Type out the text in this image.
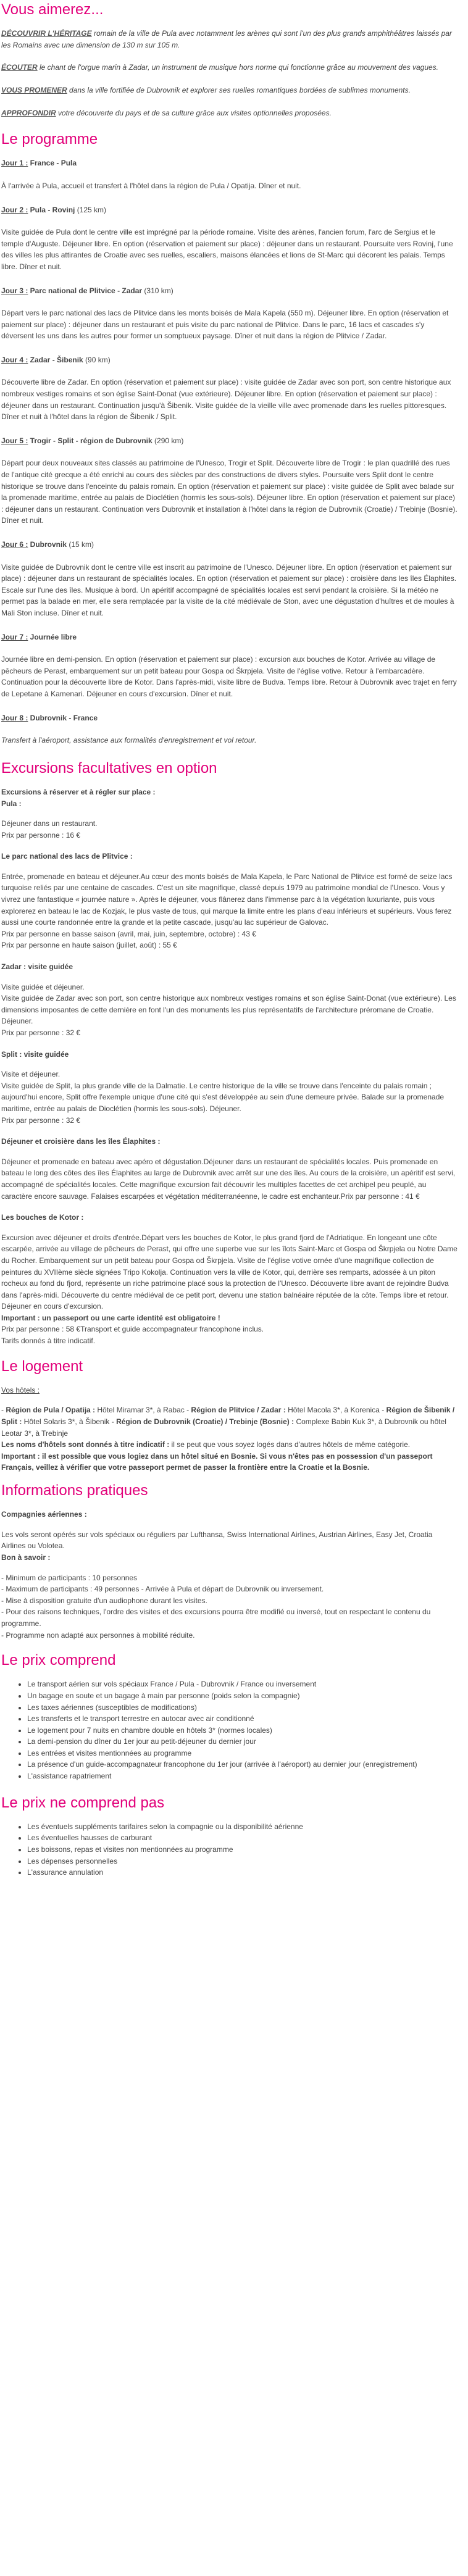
Vous aimerez...

DÉCOUVRIR L'HÉRITAGE romain de la ville de Pula avec notamment les arènes qui sont l'un des plus grands amphithéâtres laissés par les Romains avec une dimension de 130 m sur 105 m.

ÉCOUTER le chant de l'orgue marin à Zadar, un instrument de musique hors norme qui fonctionne grâce au mouvement des vagues.

VOUS PROMENER dans la ville fortifiée de Dubrovnik et explorer ses ruelles romantiques bordées de sublimes monuments.

APPROFONDIR votre découverte du pays et de sa culture grâce aux visites optionnelles proposées.

Le programme

Jour 1 : France - Pula

À l'arrivée à Pula, accueil et transfert à l'hôtel dans la région de Pula / Opatija. Dîner et nuit.

Jour 2 : Pula - Rovinj (125 km)

Visite guidée de Pula dont le centre ville est imprégné par la période romaine. Visite des arènes, l'ancien forum, l'arc de Sergius et le temple d'Auguste. Déjeuner libre. En option (réservation et paiement sur place) : déjeuner dans un restaurant. Poursuite vers Rovinj, l'une des villes les plus attirantes de Croatie avec ses ruelles, escaliers, maisons élancées et lions de St-Marc qui décorent les palais. Temps libre. Dîner et nuit.

Jour 3 : Parc national de Plitvice - Zadar (310 km)

Départ vers le parc national des lacs de Plitvice dans les monts boisés de Mala Kapela (550 m). Déjeuner libre. En option (réservation et paiement sur place) : déjeuner dans un restaurant et puis visite du parc national de Plitvice. Dans le parc, 16 lacs et cascades s'y déversent les uns dans les autres pour former un somptueux paysage. Dîner et nuit dans la région de Plitvice / Zadar.

Jour 4 : Zadar - Šibenik (90 km)

Découverte libre de Zadar. En option (réservation et paiement sur place) : visite guidée de Zadar avec son port, son centre historique aux nombreux vestiges romains et son église Saint-Donat (vue extérieure). Déjeuner libre. En option (réservation et paiement sur place) : déjeuner dans un restaurant. Continuation jusqu'à Šibenik. Visite guidée de la vieille ville avec promenade dans les ruelles pittoresques. Dîner et nuit à l'hôtel dans la région de Šibenik / Split.

Jour 5 : Trogir - Split - région de Dubrovnik (290 km)

Départ pour deux nouveaux sites classés au patrimoine de l'Unesco, Trogir et Split. Découverte libre de Trogir : le plan quadrillé des rues de l'antique cité grecque a été enrichi au cours des siècles par des constructions de divers styles. Poursuite vers Split dont le centre historique se trouve dans l'enceinte du palais romain. En option (réservation et paiement sur place) : visite guidée de Split avec balade sur la promenade maritime, entrée au palais de Dioclétien (hormis les sous-sols). Déjeuner libre. En option (réservation et paiement sur place) : déjeuner dans un restaurant. Continuation vers Dubrovnik et installation à l'hôtel dans la région de Dubrovnik (Croatie) / Trebinje (Bosnie). Dîner et nuit.

Jour 6 : Dubrovnik (15 km)

Visite guidée de Dubrovnik dont le centre ville est inscrit au patrimoine de l'Unesco. Déjeuner libre. En option (réservation et paiement sur place) : déjeuner dans un restaurant de spécialités locales. En option (réservation et paiement sur place) : croisière dans les îles Élaphites. Escale sur l'une des îles. Musique à bord. Un apéritif accompagné de spécialités locales est servi pendant la croisière. Si la météo ne permet pas la balade en mer, elle sera remplacée par la visite de la cité médiévale de Ston, avec une dégustation d'huîtres et de moules à Mali Ston incluse. Dîner et nuit.

Jour 7 : Journée libre

Journée libre en demi-pension. En option (réservation et paiement sur place) : excursion aux bouches de Kotor. Arrivée au village de pêcheurs de Perast, embarquement sur un petit bateau pour Gospa od Škrpjela. Visite de l'église votive. Retour à l'embarcadère. Continuation pour la découverte libre de Kotor. Dans l'après-midi, visite libre de Budva. Temps libre. Retour à Dubrovnik avec trajet en ferry de Lepetane à Kamenari. Déjeuner en cours d'excursion. Dîner et nuit.

Jour 8 : Dubrovnik - France

Transfert à l'aéroport, assistance aux formalités d'enregistrement et vol retour.

Excursions facultatives en option

Excursions à réserver et à régler sur place :

Pula :

Déjeuner dans un restaurant.

Prix par personne : 16 €

Le parc national des lacs de Plitvice :

Entrée, promenade en bateau et déjeuner.Au cœur des monts boisés de Mala Kapela, le Parc National de Plitvice est formé de seize lacs turquoise reliés par une centaine de cascades. C'est un site magnifique, classé depuis 1979 au patrimoine mondial de l'Unesco. Vous y vivrez une fantastique « journée nature ». Après le déjeuner, vous flânerez dans l'immense parc à la végétation luxuriante, puis vous explorerez en bateau le lac de Kozjak, le plus vaste de tous, qui marque la limite entre les plans d'eau inférieurs et supérieurs. Vous ferez aussi une courte randonnée entre la grande et la petite cascade, jusqu'au lac supérieur de Galovac.

Prix par personne en basse saison (avril, mai, juin, septembre, octobre) : 43 €

Prix par personne en haute saison (juillet, août) : 55 €

Zadar : visite guidée

Visite guidée et déjeuner.

Visite guidée de Zadar avec son port, son centre historique aux nombreux vestiges romains et son église Saint-Donat (vue extérieure). Les dimensions imposantes de cette dernière en font l'un des monuments les plus représentatifs de l'architecture préromane de Croatie. Déjeuner.

Prix par personne : 32 €

Split : visite guidée

Visite et déjeuner.

Visite guidée de Split, la plus grande ville de la Dalmatie. Le centre historique de la ville se trouve dans l'enceinte du palais romain ; aujourd'hui encore, Split offre l'exemple unique d'une cité qui s'est développée au sein d'une demeure privée. Balade sur la promenade maritime, entrée au palais de Dioclétien (hormis les sous-sols). Déjeuner.

Prix par personne : 32 €

Déjeuner et croisière dans les îles Élaphites :

Déjeuner et promenade en bateau avec apéro et dégustation.Déjeuner dans un restaurant de spécialités locales. Puis promenade en bateau le long des côtes des îles Élaphites au large de Dubrovnik avec arrêt sur une des îles. Au cours de la croisière, un apéritif est servi, accompagné de spécialités locales. Cette magnifique excursion fait découvrir les multiples facettes de cet archipel peu peuplé, au caractère encore sauvage. Falaises escarpées et végétation méditerranéenne, le cadre est enchanteur.Prix par personne : 41 €

Les bouches de Kotor :

Excursion avec déjeuner et droits d'entrée.Départ vers les bouches de Kotor, le plus grand fjord de l'Adriatique. En longeant une côte escarpée, arrivée au village de pêcheurs de Perast, qui offre une superbe vue sur les îlots Saint-Marc et Gospa od Škrpjela ou Notre Dame du Rocher. Embarquement sur un petit bateau pour Gospa od Škrpjela. Visite de l'église votive ornée d'une magnifique collection de peintures du XVIIème siècle signées Tripo Kokolja. Continuation vers la ville de Kotor, qui, derrière ses remparts, adossée à un piton rocheux au fond du fjord, représente un riche patrimoine placé sous la protection de l'Unesco. Découverte libre avant de rejoindre Budva dans l'après-midi. Découverte du centre médiéval de ce petit port, devenu une station balnéaire réputée de la côte. Temps libre et retour. Déjeuner en cours d'excursion.

Important : un passeport ou une carte identité est obligatoire !

Prix par personne : 58 €Transport et guide accompagnateur francophone inclus.

Tarifs donnés à titre indicatif.

Le logement

Vos hôtels :

- Région de Pula / Opatija : Hôtel Miramar 3*, à Rabac - Région de Plitvice / Zadar : Hôtel Macola 3*, à Korenica - Région de Šibenik / Split : Hôtel Solaris 3*, à Šibenik - Région de Dubrovnik (Croatie) / Trebinje (Bosnie) : Complexe Babin Kuk 3*, à Dubrovnik ou hôtel Leotar 3*, à Trebinje

Les noms d'hôtels sont donnés à titre indicatif : il se peut que vous soyez logés dans d'autres hôtels de même catégorie.

Important : il est possible que vous logiez dans un hôtel situé en Bosnie. Si vous n'êtes pas en possession d'un passeport Français, veillez à vérifier que votre passeport permet de passer la frontière entre la Croatie et la Bosnie.

Informations pratiques

Compagnies aériennes :

Les vols seront opérés sur vols spéciaux ou réguliers par Lufthansa, Swiss International Airlines, Austrian Airlines, Easy Jet, Croatia Airlines ou Volotea.

Bon à savoir :

- Minimum de participants : 10 personnes

- Maximum de participants : 49 personnes - Arrivée à Pula et départ de Dubrovnik ou inversement.

- Mise à disposition gratuite d'un audiophone durant les visites.

- Pour des raisons techniques, l'ordre des visites et des excursions pourra être modifié ou inversé, tout en respectant le contenu du programme.

- Programme non adapté aux personnes à mobilité réduite.

Le prix comprend
• Le transport aérien sur vols spéciaux France / Pula - Dubrovnik / France ou inversement
• Un bagage en soute et un bagage à main par personne (poids selon la compagnie)
• Les taxes aériennes (susceptibles de modifications)
• Les transferts et le transport terrestre en autocar avec air conditionné
• Le logement pour 7 nuits en chambre double en hôtels 3* (normes locales)
• La demi-pension du dîner du 1er jour au petit-déjeuner du dernier jour
• Les entrées et visites mentionnées au programme
• La présence d'un guide-accompagnateur francophone du 1er jour (arrivée à l'aéroport) au dernier jour (enregistrement)
• L'assistance rapatriement
Le prix ne comprend pas
• Les éventuels suppléments tarifaires selon la compagnie ou la disponibilité aérienne
• Les éventuelles hausses de carburant
• Les boissons, repas et visites non mentionnées au programme
• Les dépenses personnelles
• L'assurance annulation
